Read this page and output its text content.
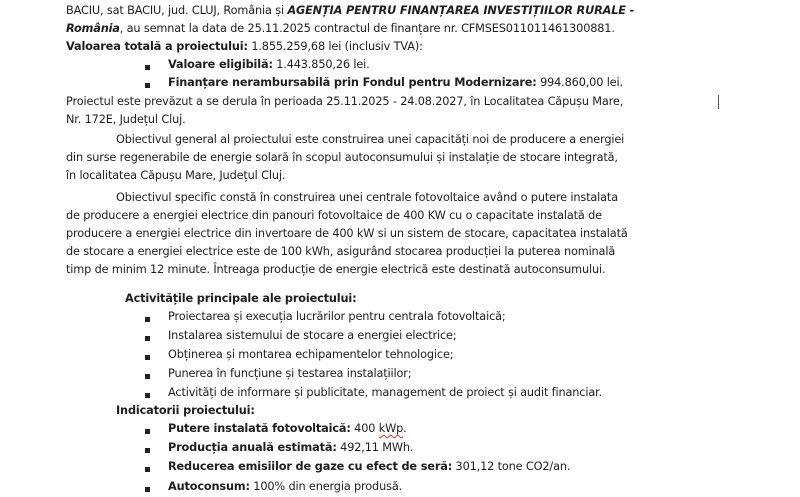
BACIU, sat BACIU, jud. CLUJ, România și AGENȚIA PENTRU FINANȚAREA INVESTIȚIILOR RURALE -
România, au semnat la data de 25.11.2025 contractul de finanțare nr. CFMSES011011461300881.
Valoarea totală a proiectului: 1.855.259,68 lei (inclusiv TVA):
Valoare eligibilă: 1.443.850,26 lei.
Finanțare nerambursabilă prin Fondul pentru Modernizare: 994.860,00 lei.
Proiectul este prevăzut a se derula în perioada 25.11.2025 - 24.08.2027, în Localitatea Căpușu Mare,
Nr. 172E, Județul Cluj.
Obiectivul general al proiectului este construirea unei capacități noi de producere a energiei
din surse regenerabile de energie solară în scopul autoconsumului și instalație de stocare integrată,
în localitatea Căpușu Mare, Județul Cluj.
Obiectivul specific constă în construirea unei centrale fotovoltaice având o putere instalata
de producere a energiei electrice din panouri fotovoltaice de 400 KW cu o capacitate instalată de
producere a energiei electrice din invertoare de 400 kW si un sistem de stocare, capacitatea instalată
de stocare a energiei electrice este de 100 kWh, asigurând stocarea producției la puterea nominală
timp de minim 12 minute. Întreaga producție de energie electrică este destinată autoconsumului.
Activitățile principale ale proiectului:
Proiectarea și execuția lucrărilor pentru centrala fotovoltaică;
Instalarea sistemului de stocare a energiei electrice;
Obținerea și montarea echipamentelor tehnologice;
Punerea în funcțiune și testarea instalațiilor;
Activități de informare și publicitate, management de proiect și audit financiar.
Indicatorii proiectului:
Putere instalată fotovoltaică: 400 kWp.
Producția anuală estimată: 492,11 MWh.
Reducerea emisiilor de gaze cu efect de seră: 301,12 tone CO2/an.
Autoconsum: 100% din energia produsă.
